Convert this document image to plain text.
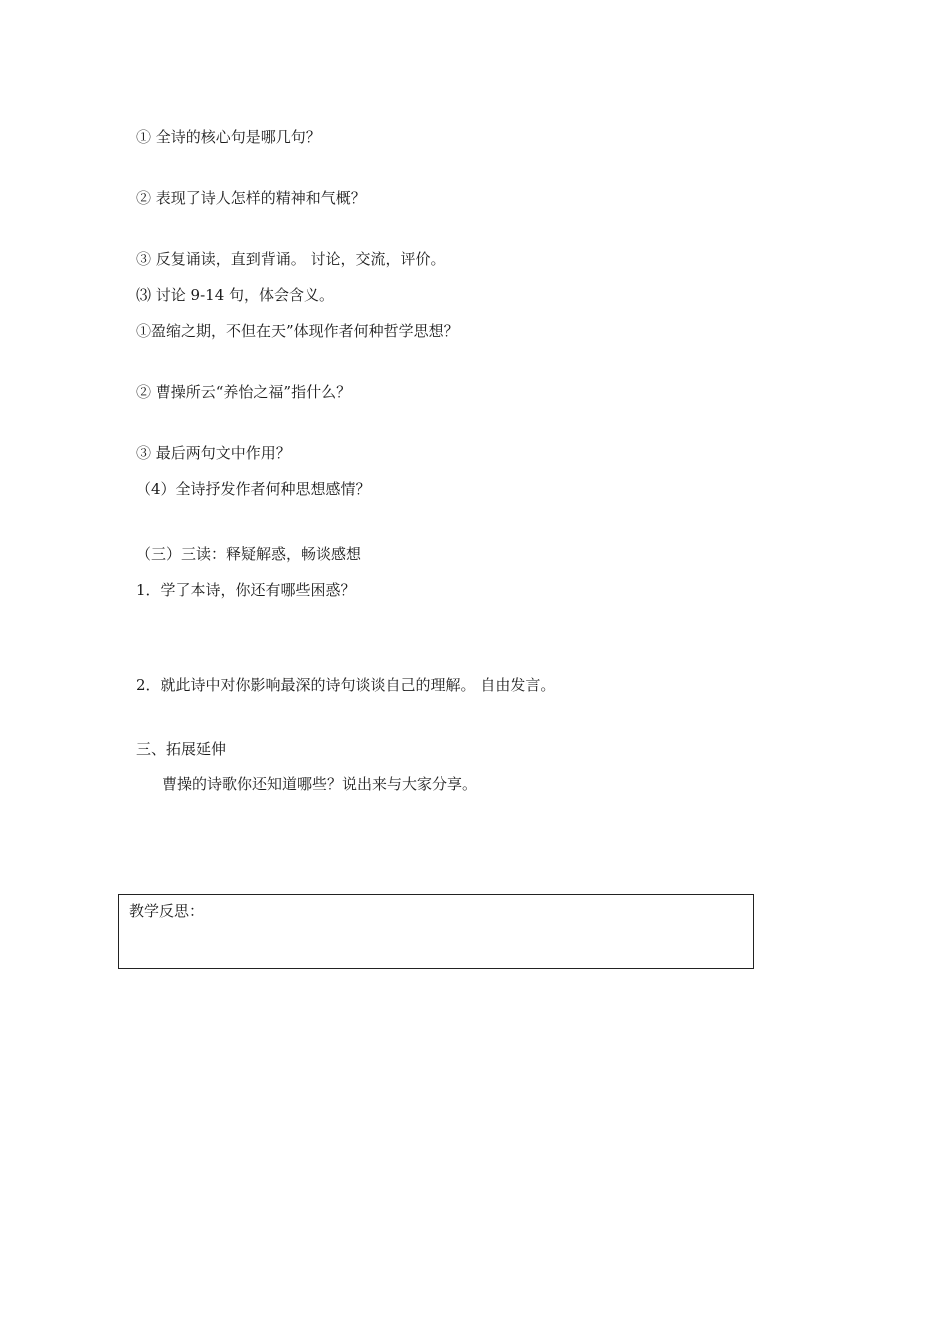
① 全诗的核心句是哪几句？
② 表现了诗人怎样的精神和气概？
③ 反复诵读，直到背诵。 讨论，交流，评价。
⑶ 讨论 9-14 句，体会含义。
①盈缩之期，不但在天”体现作者何种哲学思想？
② 曹操所云“养怡之福”指什么？
③ 最后两句文中作用？
（4）全诗抒发作者何种思想感情？
（三）三读：释疑解惑，畅谈感想
1．学了本诗，你还有哪些困惑？
2．就此诗中对你影响最深的诗句谈谈自己的理解。 自由发言。
三、拓展延伸
曹操的诗歌你还知道哪些？说出来与大家分享。
教学反思：
